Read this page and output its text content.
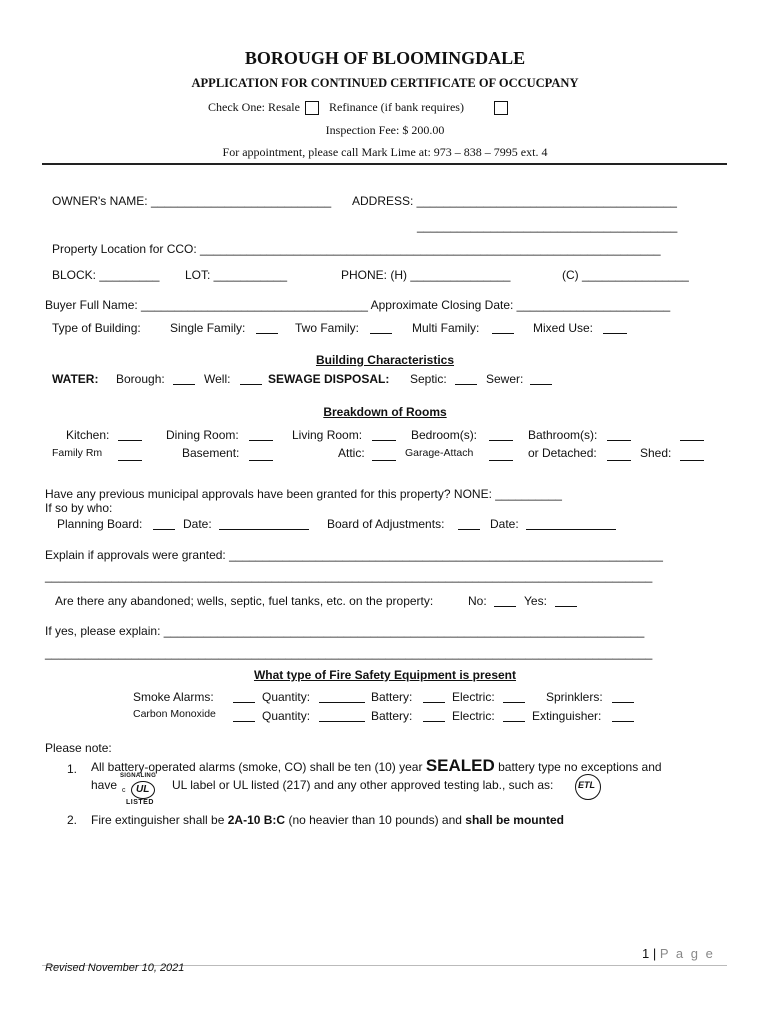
BOROUGH OF BLOOMINGDALE
APPLICATION FOR CONTINUED CERTIFICATE OF OCCUCPANY
Check One: Resale Refinance (if bank requires)
Inspection Fee: $ 200.00
For appointment, please call Mark Lime at: 973 – 838 – 7995 ext. 4
OWNER's NAME: ___________________________ ADDRESS: _______________________________________
_______________________________________
Property Location for CCO: _____________________________________________________________________
BLOCK: _________ LOT: ___________	PHONE: (H) _______________	(C) ________________
Buyer Full Name: __________________________________ Approximate Closing Date: _______________________
Type of Building: Single Family:	Two Family:	Multi Family:	Mixed Use:
Building Characteristics
WATER: Borough:	Well:	SEWAGE DISPOSAL: Septic:	Sewer:
Breakdown of Rooms
Kitchen:	Dining Room:	Living Room:	Bedroom(s):	Bathroom(s):
Family Rm	Basement:	Attic:	Garage-Attach	or Detached:	Shed:
Have any previous municipal approvals have been granted for this property? NONE: __________
If so by who:
Planning Board:	Date:	Board of Adjustments:	Date:
Explain if approvals were granted: _________________________________________________________________
___________________________________________________________________________________________
Are there any abandoned; wells, septic, fuel tanks, etc. on the property:	No:	Yes:
If yes, please explain: ________________________________________________________________________
___________________________________________________________________________________________
What type of Fire Safety Equipment is present
Smoke Alarms:	Quantity:	Battery:	Electric:	Sprinklers:
Carbon Monoxide	Quantity:	Battery:	Electric:	Extinguisher:
Please note:
1. All battery-operated alarms (smoke, CO) shall be ten (10) year SEALED battery type no exceptions and
have
SIGNALING
UL
c
LISTED
UL label or UL listed (217) and any other approved testing lab., such as:	ETL
2. Fire extinguisher shall be 2A-10 B:C (no heavier than 10 pounds) and shall be mounted
1 | P a g e
Revised November 10, 2021
